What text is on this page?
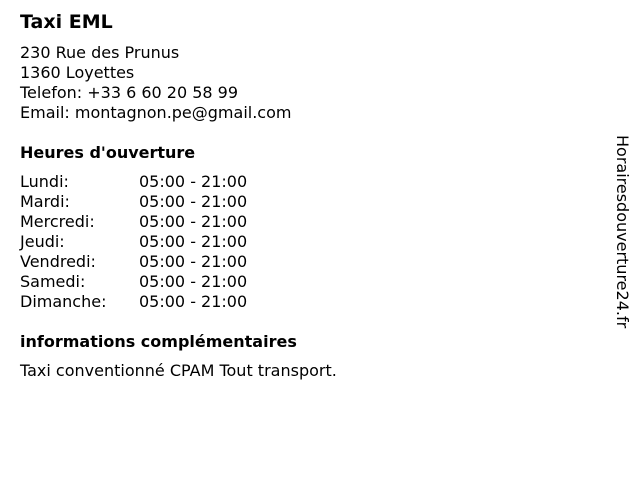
Taxi EML
230 Rue des Prunus
1360 Loyettes
Telefon: +33 6 60 20 58 99
Email: montagnon.pe@gmail.com
Heures d'ouverture
Lundi:	05:00 - 21:00
Mardi:	05:00 - 21:00
Mercredi:	05:00 - 21:00
Jeudi:	05:00 - 21:00
Vendredi:	05:00 - 21:00
Samedi:	05:00 - 21:00
Dimanche:	05:00 - 21:00
informations complémentaires
Taxi conventionné CPAM Tout transport.
Horairesdouverture24.fr
